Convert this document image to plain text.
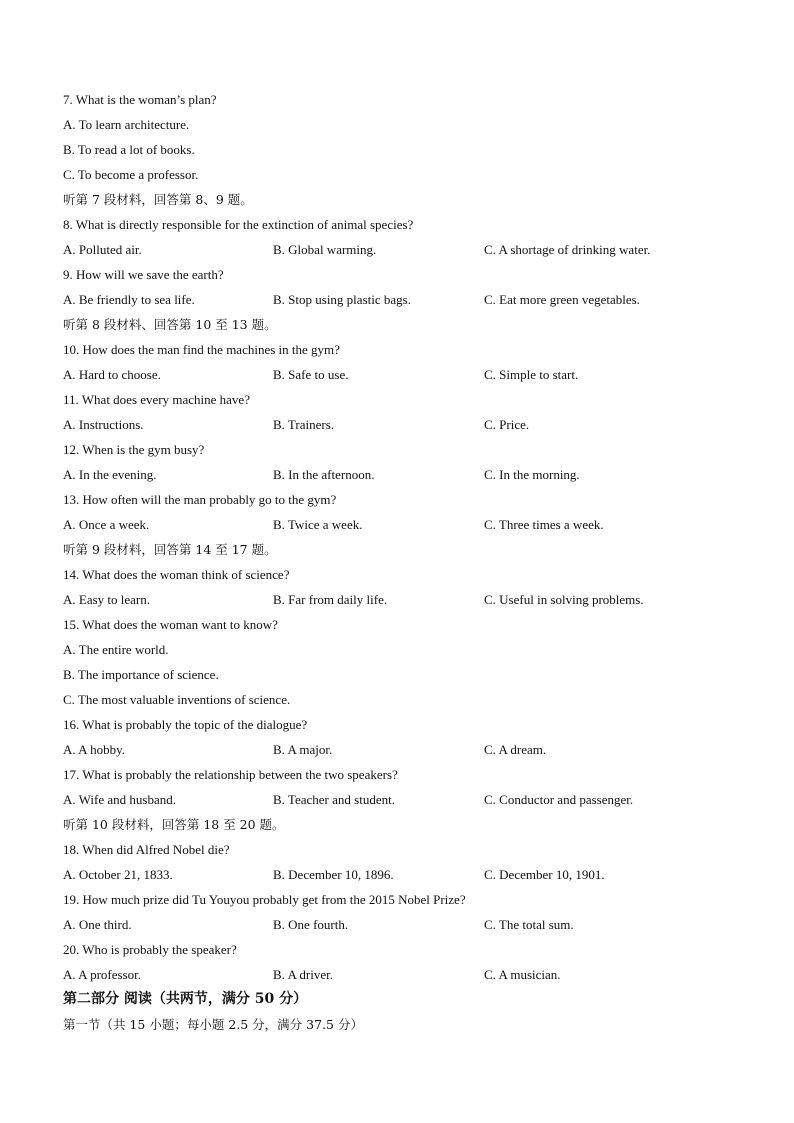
7. What is the woman’s plan?
A. To learn architecture.
B. To read a lot of books.
C. To become a professor.
听第 7 段材料，回答第 8、9 题。
8. What is directly responsible for the extinction of animal species?
A. Polluted air.	B. Global warming.	C. A shortage of drinking water.
9. How will we save the earth?
A. Be friendly to sea life.	B. Stop using plastic bags.	C. Eat more green vegetables.
听第 8 段材料、回答第 10 至 13 题。
10. How does the man find the machines in the gym?
A. Hard to choose.	B. Safe to use.	C. Simple to start.
11. What does every machine have?
A. Instructions.	B. Trainers.	C. Price.
12. When is the gym busy?
A. In the evening.	B. In the afternoon.	C. In the morning.
13. How often will the man probably go to the gym?
A. Once a week.	B. Twice a week.	C. Three times a week.
听第 9 段材料，回答第 14 至 17 题。
14. What does the woman think of science?
A. Easy to learn.	B. Far from daily life.	C. Useful in solving problems.
15. What does the woman want to know?
A. The entire world.
B. The importance of science.
C. The most valuable inventions of science.
16. What is probably the topic of the dialogue?
A. A hobby.	B. A major.	C. A dream.
17. What is probably the relationship between the two speakers?
A. Wife and husband.	B. Teacher and student.	C. Conductor and passenger.
听第 10 段材料，回答第 18 至 20 题。
18. When did Alfred Nobel die?
A. October 21, 1833.	B. December 10, 1896.	C. December 10, 1901.
19. How much prize did Tu Youyou probably get from the 2015 Nobel Prize?
A. One third.	B. One fourth.	C. The total sum.
20. Who is probably the speaker?
A. A professor.	B. A driver.	C. A musician.
第二部分 阅读（共两节，满分 50 分）
第一节（共 15 小题；每小题 2.5 分，满分 37.5 分）
